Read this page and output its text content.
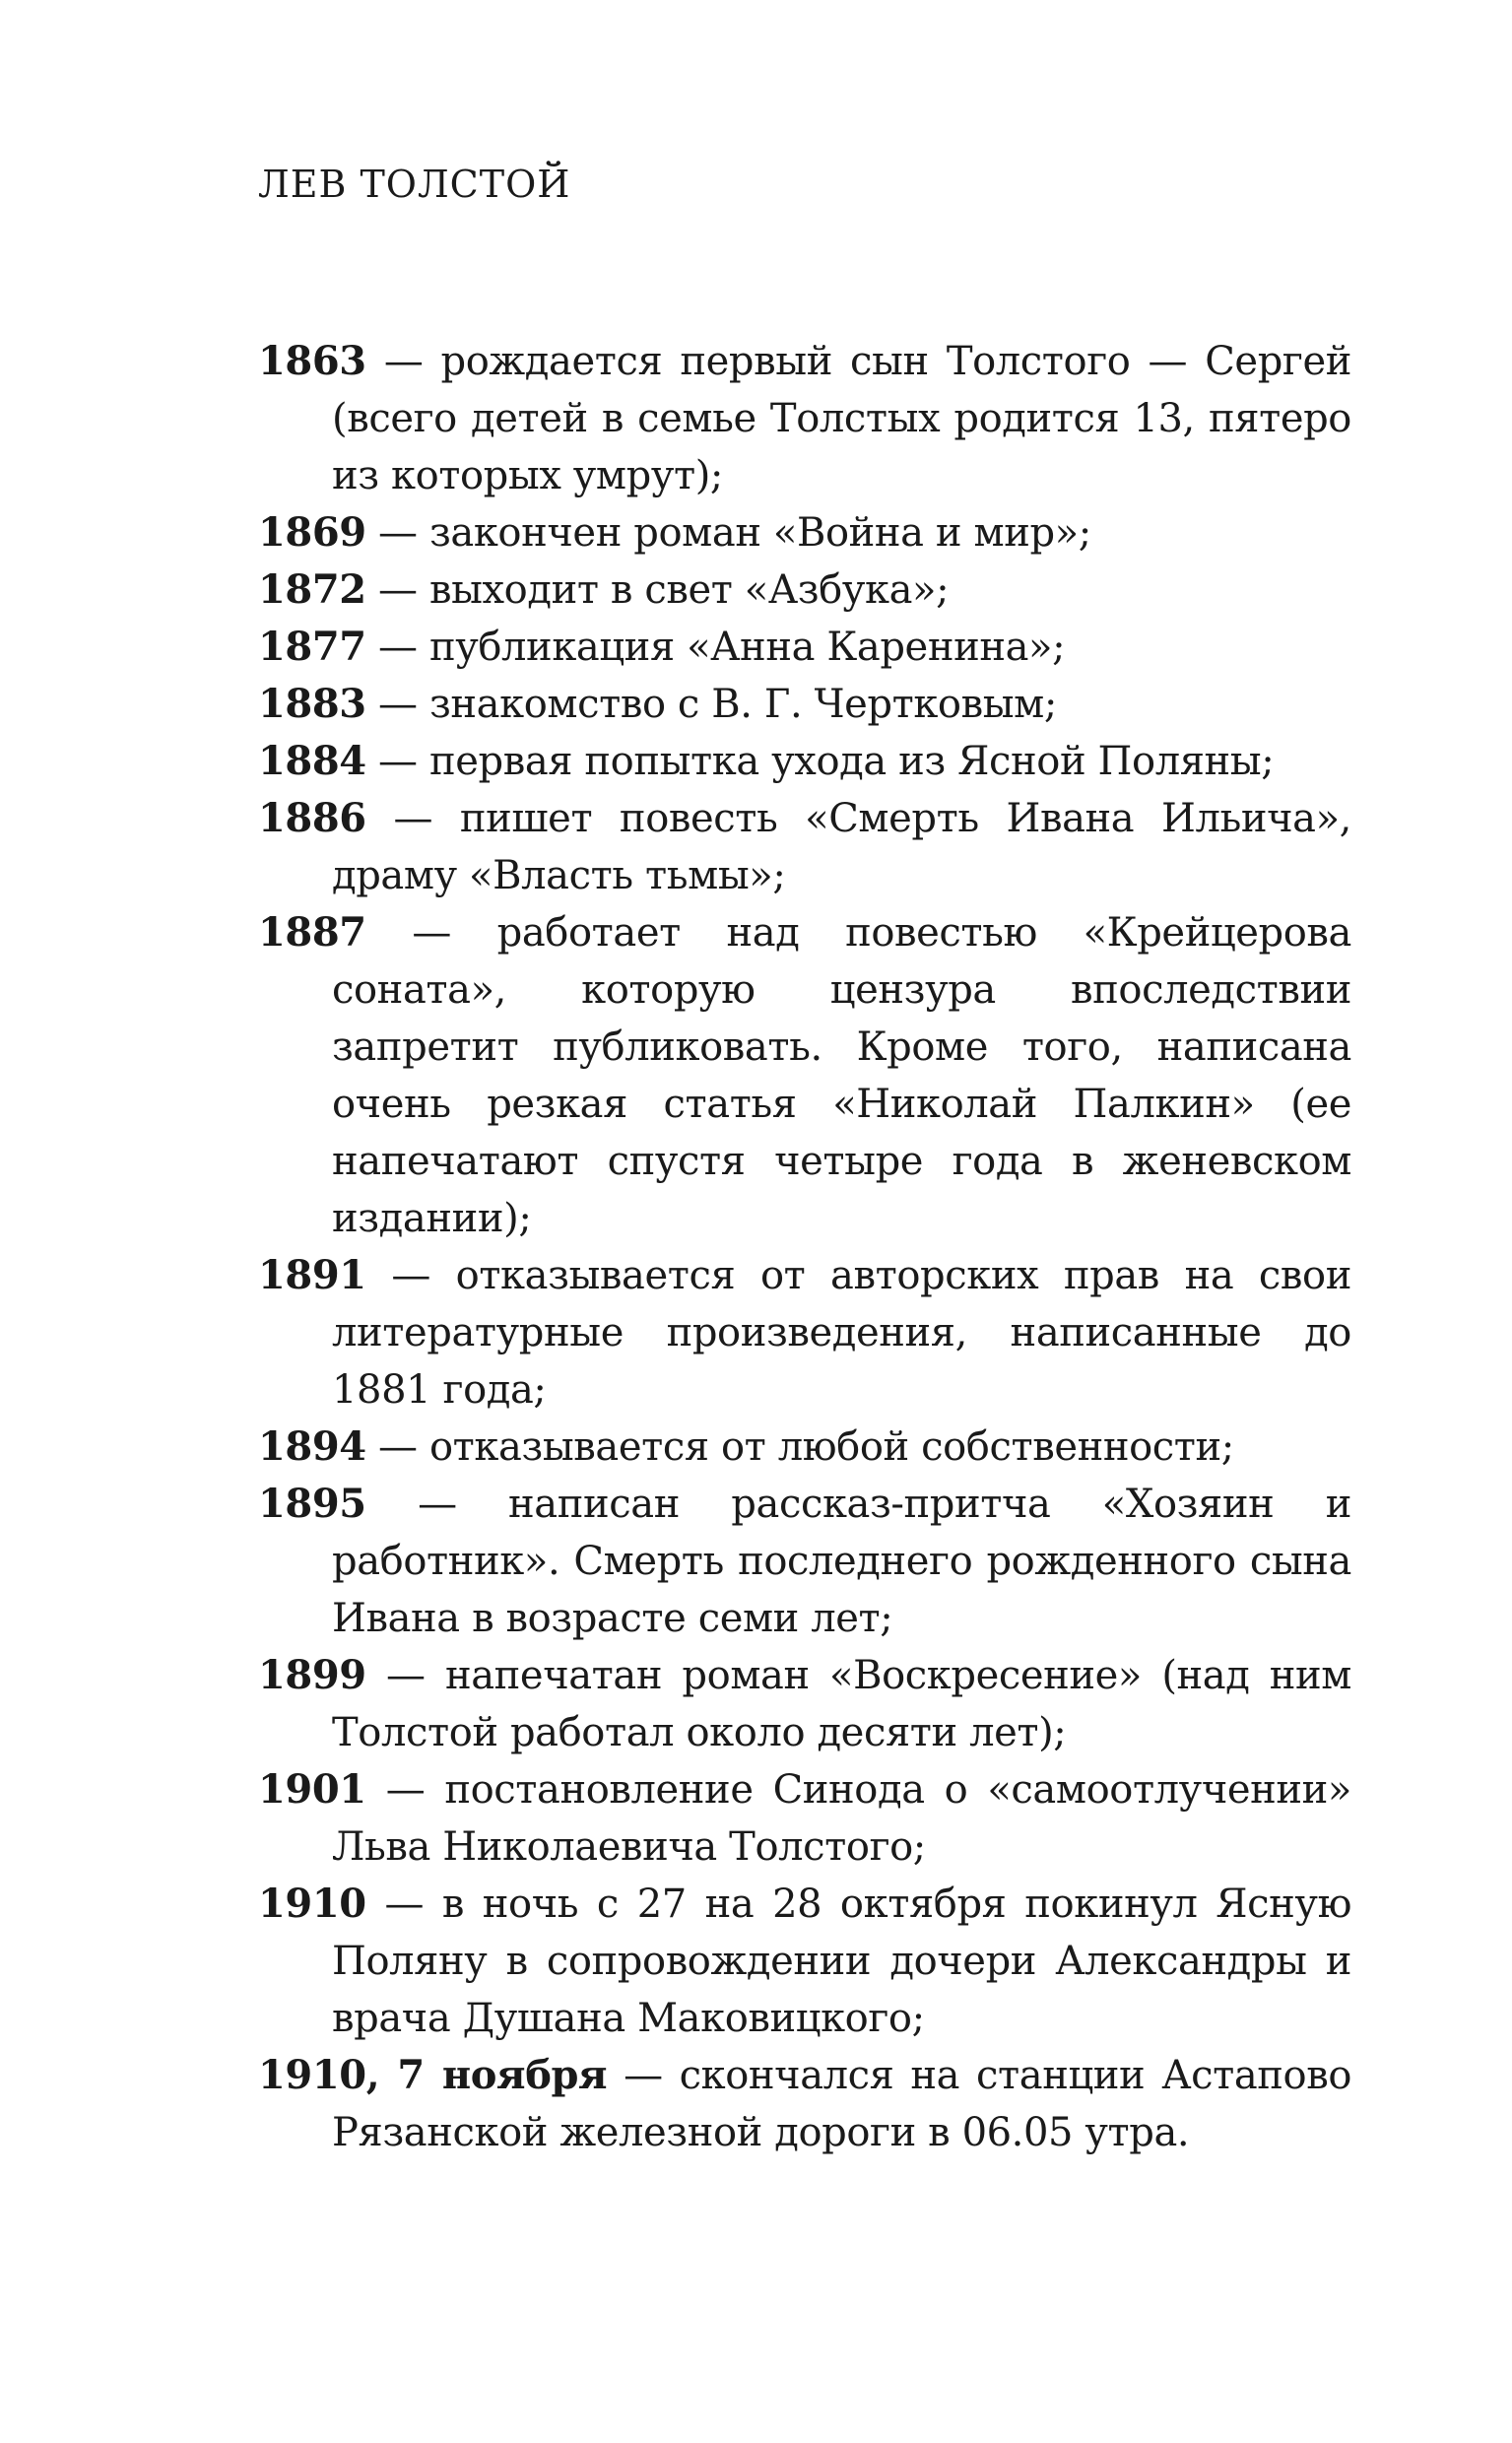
ЛЕВ ТОЛСТОЙ

1863 — рождается первый сын Толстого — Сергей (всего детей в семье Толстых родится 13, пятеро из которых умрут);

1869 — закончен роман «Война и мир»;

1872 — выходит в свет «Азбука»;

1877 — публикация «Анна Каренина»;

1883 — знакомство с В. Г. Чертковым;

1884 — первая попытка ухода из Ясной Поляны;

1886 — пишет повесть «Смерть Ивана Ильича», драму «Власть тьмы»;

1887 — работает над повестью «Крейцерова соната», которую цензура впоследствии запретит публиковать. Кроме того, написана очень резкая статья «Николай Палкин» (ее напечатают спустя четыре года в женевском издании);

1891 — отказывается от авторских прав на свои литературные произведения, написанные до 1881 года;

1894 — отказывается от любой собственности;

1895 — написан рассказ-притча «Хозяин и работник». Смерть последнего рожденного сына Ивана в возрасте семи лет;

1899 — напечатан роман «Воскресение» (над ним Толстой работал около десяти лет);

1901 — постановление Синода о «самоотлучении» Льва Николаевича Толстого;

1910 — в ночь с 27 на 28 октября покинул Ясную Поляну в сопровождении дочери Александры и врача Душана Маковицкого;

1910, 7 ноября — скончался на станции Астапово Рязанской железной дороги в 06.05 утра.
